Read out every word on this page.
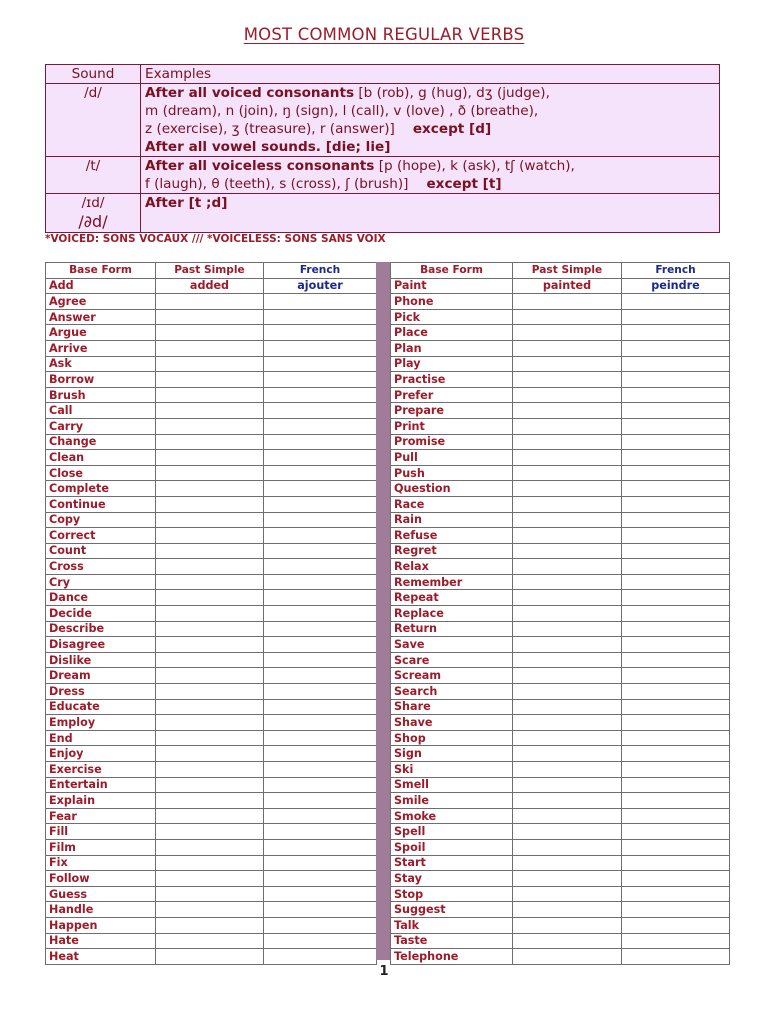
MOST COMMON REGULAR VERBS
Sound	Examples
/d/	After all voiced consonants [b (rob), g (hug), dʒ (judge),
m (dream), n (join), ŋ (sign), l (call), v (love) , ð (breathe),
z (exercise), ʒ (treasure), r (answer)] except [d]
After all vowel sounds. [die; lie]

/t/	After all voiceless consonants [p (hope), k (ask), tʃ (watch),
f (laugh), θ (teeth), s (cross), ʃ (brush)] except [t]

/ɪd/
/∂d/	After [t ;d]
*VOICED: SONS VOCAUX /// *VOICELESS: SONS SANS VOIX
Base Form	Past Simple	French
Add	added	ajouter
Agree		
Answer		
Argue		
Arrive		
Ask		
Borrow		
Brush		
Call		
Carry		
Change		
Clean		
Close		
Complete		
Continue		
Copy		
Correct		
Count		
Cross		
Cry		
Dance		
Decide		
Describe		
Disagree		
Dislike		
Dream		
Dress		
Educate		
Employ		
End		
Enjoy		
Exercise		
Entertain		
Explain		
Fear		
Fill		
Film		
Fix		
Follow		
Guess		
Handle		
Happen		
Hate		
Heat		
Base Form	Past Simple	French
Paint	painted	peindre
Phone		
Pick		
Place		
Plan		
Play		
Practise		
Prefer		
Prepare		
Print		
Promise		
Pull		
Push		
Question		
Race		
Rain		
Refuse		
Regret		
Relax		
Remember		
Repeat		
Replace		
Return		
Save		
Scare		
Scream		
Search		
Share		
Shave		
Shop		
Sign		
Ski		
Smell		
Smile		
Smoke		
Spell		
Spoil		
Start		
Stay		
Stop		
Suggest		
Talk		
Taste		
Telephone		
1
